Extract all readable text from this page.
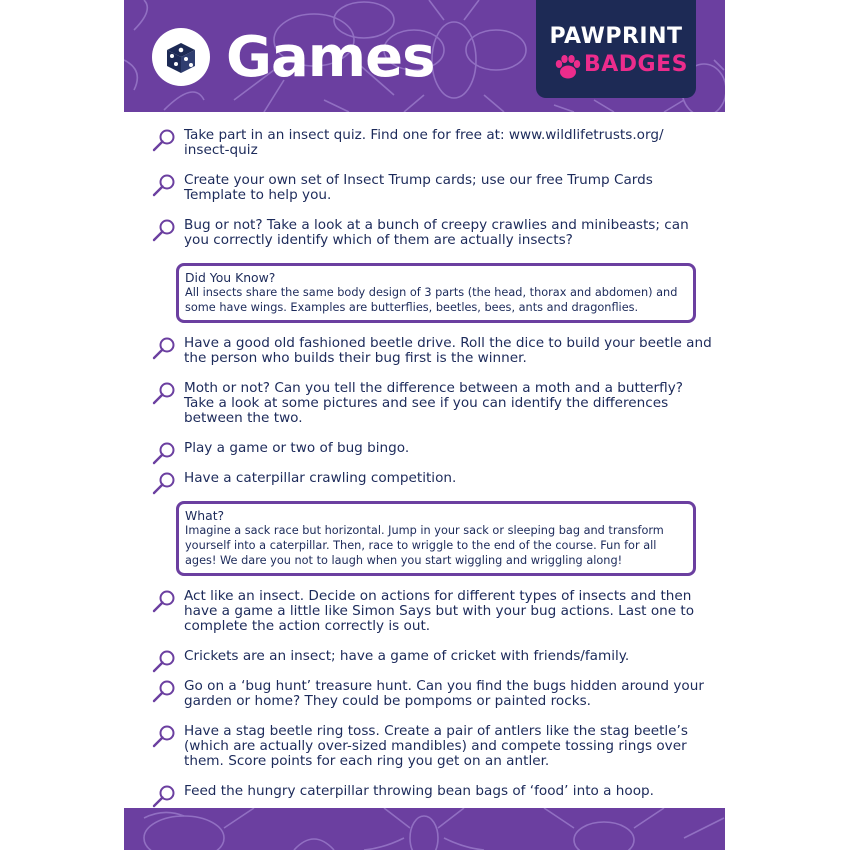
Games	PAWPRINT
BADGES
Take part in an insect quiz. Find one for free at: www.wildlifetrusts.org/ insect-quiz
Create your own set of Insect Trump cards; use our free Trump Cards Template to help you.
Bug or not? Take a look at a bunch of creepy crawlies and minibeasts; can you correctly identify which of them are actually insects?
Did You Know?
All insects share the same body design of 3 parts (the head, thorax and abdomen) and some have wings. Examples are butterflies, beetles, bees, ants and dragonflies.
Have a good old fashioned beetle drive. Roll the dice to build your beetle and the person who builds their bug first is the winner.
Moth or not? Can you tell the difference between a moth and a butterfly? Take a look at some pictures and see if you can identify the differences between the two.
Play a game or two of bug bingo.
Have a caterpillar crawling competition.
What?
Imagine a sack race but horizontal. Jump in your sack or sleeping bag and transform yourself into a caterpillar. Then, race to wriggle to the end of the course. Fun for all ages! We dare you not to laugh when you start wiggling and wriggling along!
Act like an insect. Decide on actions for different types of insects and then have a game a little like Simon Says but with your bug actions. Last one to complete the action correctly is out.
Crickets are an insect; have a game of cricket with friends/family.
Go on a ‘bug hunt’ treasure hunt. Can you find the bugs hidden around your garden or home? They could be pompoms or painted rocks.
Have a stag beetle ring toss. Create a pair of antlers like the stag beetle’s (which are actually over-sized mandibles) and compete tossing rings over them. Score points for each ring you get on an antler.
Feed the hungry caterpillar throwing bean bags of ‘food’ into a hoop.
